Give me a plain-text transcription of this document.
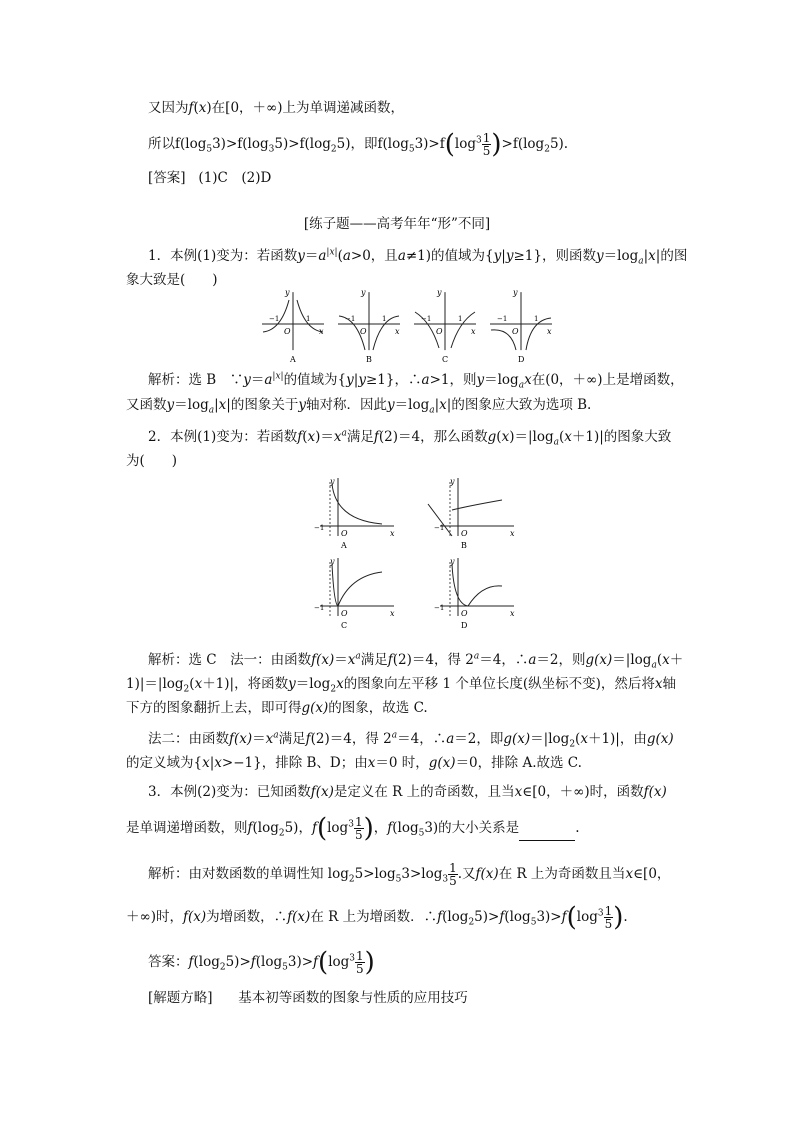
又因为f(x)在[0，＋∞)上为单调递减函数，
所以$f(\log_53)>f(\log_35)>f(\log_25)$，即$f(\log_53)>f(\log^3 \frac{1}{5} )>f(\log_25)$.
[答案] (1)C　(2)D
[练子题——高考年年“形”不同]
1．本例(1)变为：若函数$y=a^{|x|}(a>0$，且a≠1)的值域为{y|y≥1}，则函数$y=\log_a|x|$的图
象大致是(　　)
x
y
O
−1	1
A
x
y
O
−1	1
B
x
y
O
−1	1
C
x
y
O
−1	1
D
解析：选 B　$\because y=a^{|x|}$的值域为{y|y≥1}，∴a>1，则$y=\log_ax$在(0，＋∞)上是增函数，
又函数$y=\log_a|x|$的图象关于y轴对称．因此$y=\log_a|x|$的图象应大致为选项 B.
2．本例(1)变为：若函数$f(x)=x^a$满足f(2)＝4，那么函数$g(x)=|\log_a(x+1)|$的图象大致
为(　　)
x
y
O
−1
A
x
y
O
−1
B
x
y
O
−1
C
x
y
O
−1
D
解析：选 C　法一：由函数$f(x)=x^a$满足f(2)＝4，得 $2^a=4$，∴a＝2，则$g(x)=|\log_a(x+$
$1)|=|\log_2(x+1)|$，将函数$y=\log_2x$的图象向左平移 1 个单位长度(纵坐标不变)，然后将x轴
下方的图象翻折上去，即可得g(x)的图象，故选 C.
法二：由函数$f(x)=x^a$满足f(2)＝4，得 $2^a=4$，∴a＝2，即$g(x)=|\log_2(x+1)|$，由g(x)
的定义域为{x|x>−1}，排除 B、D；由x＝0 时，g(x)＝0，排除 A.故选 C.
3．本例(2)变为：已知函数f(x)是定义在 R 上的奇函数，且当x∈[0，＋∞)时，函数f(x)
是单调递增函数，则$f(\log_25)$，$f(\log^3 \frac{1}{5}$ )，$f(\log_53)$的大小关系是	.
解析：由对数函数的单调性知 $\log_25>\log_53>\log_3 \frac{1}{5}$ .又f(x)在 R 上为奇函数且当x∈[0，
＋∞)时，f(x)为增函数，∴f(x)在 R 上为增函数．$\therefore f(\log_25)>f(\log_53)>f(\log^3 \frac{1}{5}$ ).
答案：$f(\log_25)>f(\log_53)>f(\log^3 \frac{1}{5}$ )
[解题方略] 基本初等函数的图象与性质的应用技巧
